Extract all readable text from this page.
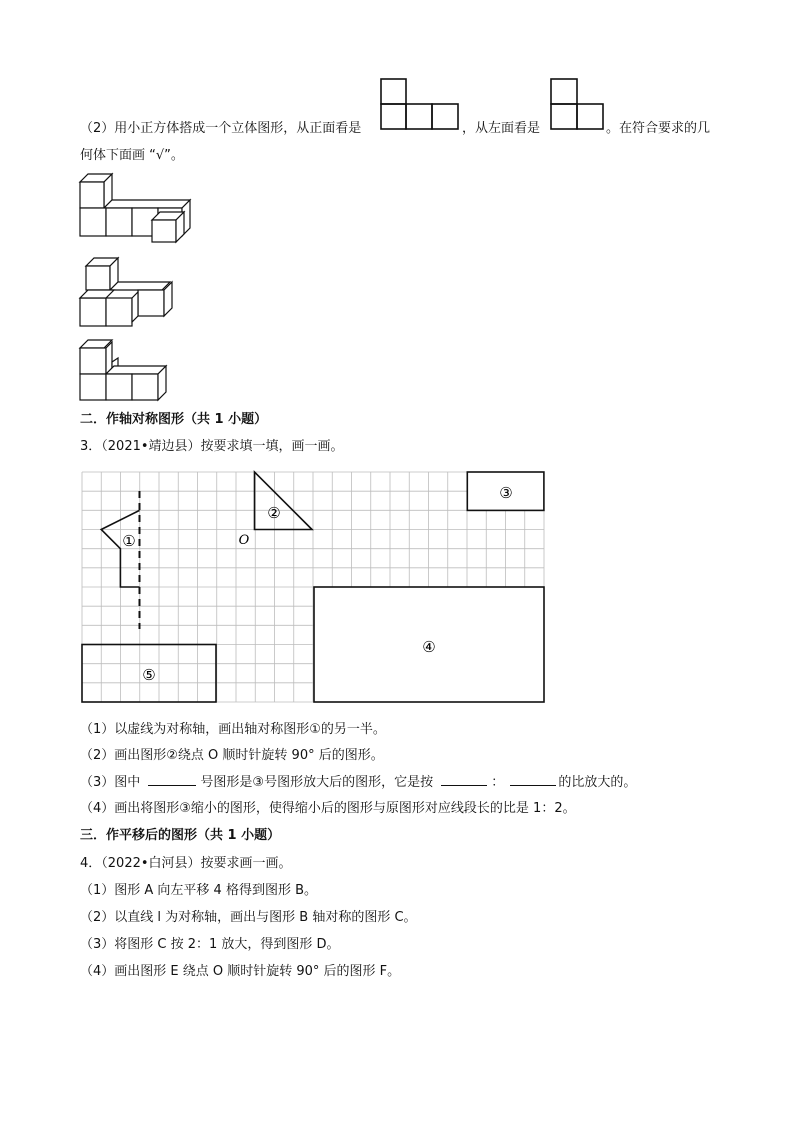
（2）用小正方体搭成一个立体图形，从正面看是	，从左面看是	。在符合要求的几
何体下面画 “√”。
二．作轴对称图形（共 1 小题）
3．（2021•靖边县）按要求填一填，画一画。
①
②
③
④
⑤
O
（1）以虚线为对称轴，画出轴对称图形①的另一半。
（2）画出图形②绕点 O 顺时针旋转 90° 后的图形。
（3）图中	号图形是③号图形放大后的图形，它是按	：	的比放大的。
（4）画出将图形③缩小的图形，使得缩小后的图形与原图形对应线段长的比是 1：2。
三．作平移后的图形（共 1 小题）
4．（2022•白河县）按要求画一画。
（1）图形 A 向左平移 4 格得到图形 B。
（2）以直线 l 为对称轴，画出与图形 B 轴对称的图形 C。
（3）将图形 C 按 2：1 放大，得到图形 D。
（4）画出图形 E 绕点 O 顺时针旋转 90° 后的图形 F。
